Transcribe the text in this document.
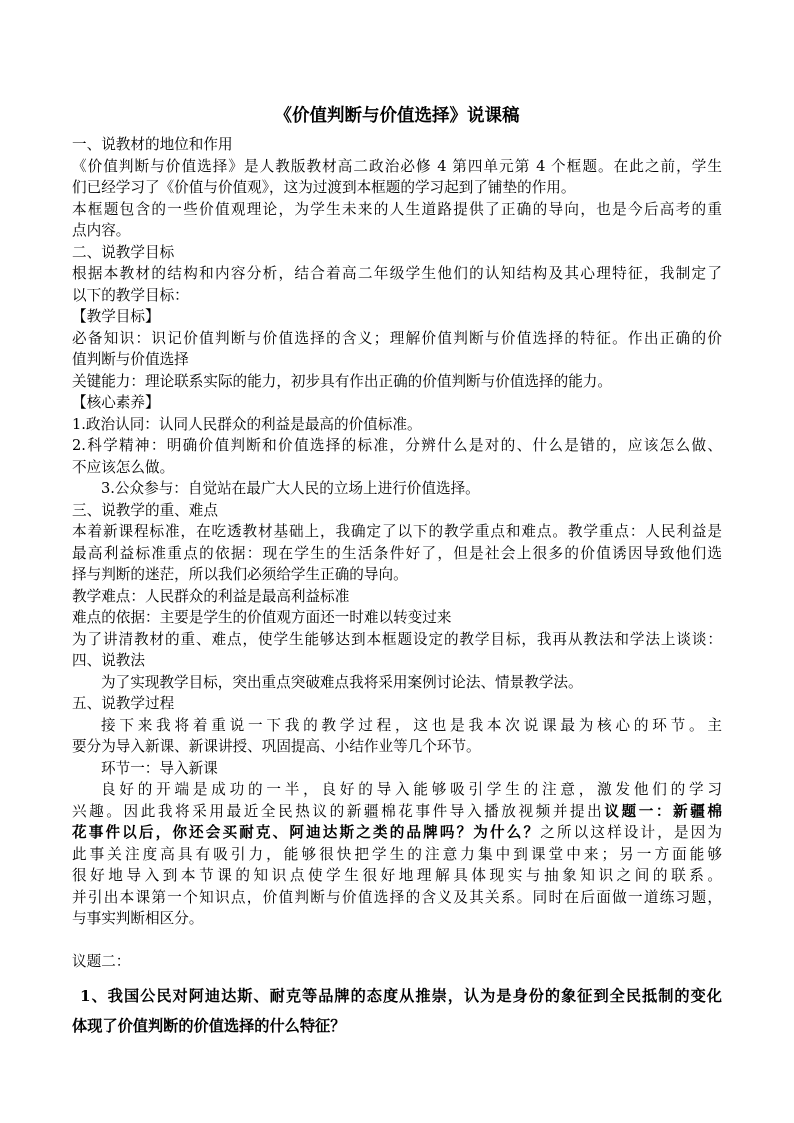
《价值判断与价值选择》说课稿
一、说教材的地位和作用
《价值判断与价值选择》是人教版教材高二政治必修 4 第四单元第 4 个框题。在此之前，学生
们已经学习了《价值与价值观》，这为过渡到本框题的学习起到了铺垫的作用。
本框题包含的一些价值观理论，为学生未来的人生道路提供了正确的导向，也是今后高考的重
点内容。
二、说教学目标
根据本教材的结构和内容分析，结合着高二年级学生他们的认知结构及其心理特征，我制定了
以下的教学目标：
【教学目标】
必备知识：识记价值判断与价值选择的含义；理解价值判断与价值选择的特征。作出正确的价
值判断与价值选择
关键能力：理论联系实际的能力，初步具有作出正确的价值判断与价值选择的能力。
【核心素养】
1.政治认同：认同人民群众的利益是最高的价值标准。
2.科学精神：明确价值判断和价值选择的标准，分辨什么是对的、什么是错的，应该怎么做、
不应该怎么做。
3.公众参与：自觉站在最广大人民的立场上进行价值选择。
三、说教学的重、难点
本着新课程标准，在吃透教材基础上，我确定了以下的教学重点和难点。教学重点：人民利益是
最高利益标准重点的依据：现在学生的生活条件好了，但是社会上很多的价值诱因导致他们选
择与判断的迷茫，所以我们必须给学生正确的导向。
教学难点：人民群众的利益是最高利益标准
难点的依据：主要是学生的价值观方面还一时难以转变过来
为了讲清教材的重、难点，使学生能够达到本框题设定的教学目标，我再从教法和学法上谈谈：
四、说教法
为了实现教学目标，突出重点突破难点我将采用案例讨论法、情景教学法。
五、说教学过程
接下来我将着重说一下我的教学过程，这也是我本次说课最为核心的环节。主
要分为导入新课、新课讲授、巩固提高、小结作业等几个环节。
环节一：导入新课
良好的开端是成功的一半，良好的导入能够吸引学生的注意，激发他们的学习
兴趣。因此我将采用最近全民热议的新疆棉花事件导入播放视频并提出议题一：新疆棉
花事件以后，你还会买耐克、阿迪达斯之类的品牌吗？为什么？之所以这样设计，是因为
此事关注度高具有吸引力，能够很快把学生的注意力集中到课堂中来；另一方面能够
很好地导入到本节课的知识点使学生很好地理解具体现实与抽象知识之间的联系。
并引出本课第一个知识点，价值判断与价值选择的含义及其关系。同时在后面做一道练习题，
与事实判断相区分。
议题二：
1、我国公民对阿迪达斯、耐克等品牌的态度从推崇，认为是身份的象征到全民抵制的变化
体现了价值判断的价值选择的什么特征？
